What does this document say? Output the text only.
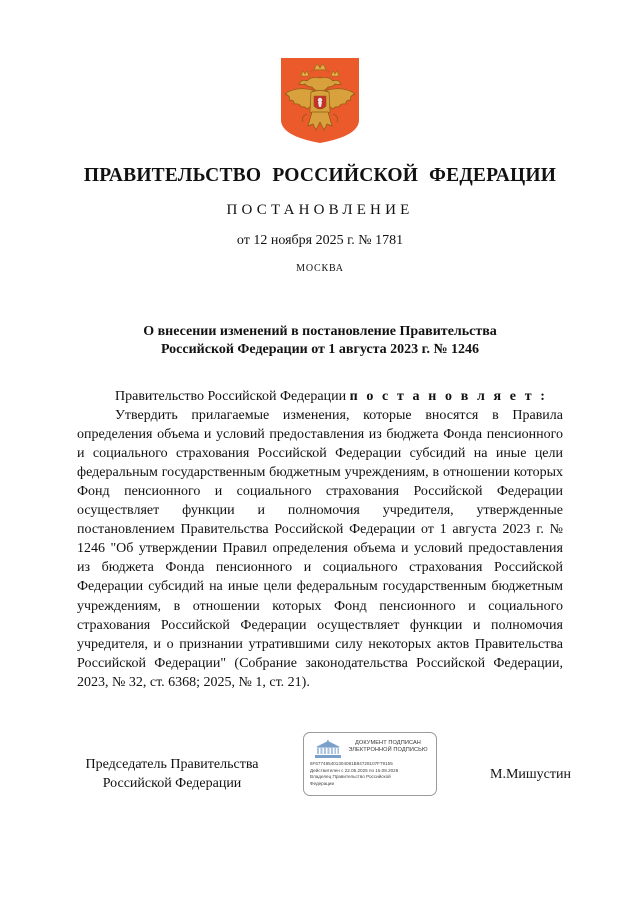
ПРАВИТЕЛЬСТВО РОССИЙСКОЙ ФЕДЕРАЦИИ
ПОСТАНОВЛЕНИЕ
от 12 ноября 2025 г. № 1781
МОСКВА
О внесении изменений в постановление Правительства
Российской Федерации от 1 августа 2023 г. № 1246
Правительство Российской Федерации п о с т а н о в л я е т :
Утвердить прилагаемые изменения, которые вносятся в Правила определения объема и условий предоставления из бюджета Фонда пенсионного и социального страхования Российской Федерации субсидий на иные цели федеральным государственным бюджетным учреждениям, в отношении которых Фонд пенсионного и социального страхования Российской Федерации осуществляет функции и полномочия учредителя, утвержденные постановлением Правительства Российской Федерации от 1 августа 2023 г. № 1246 "Об утверждении Правил определения объема и условий предоставления из бюджета Фонда пенсионного и социального страхования Российской Федерации субсидий на иные цели федеральным государственным бюджетным учреждениям, в отношении которых Фонд пенсионного и социального страхования Российской Федерации осуществляет функции и полномочия учредителя, и о признании утратившими силу некоторых актов Правительства Российской Федерации" (Собрание законодательства Российской Федерации, 2023, № 32, ст. 6368; 2025, № 1, ст. 21).
Председатель Правительства
Российской Федерации
ДОКУМЕНТ ПОДПИСАН
ЭЛЕКТРОННОЙ ПОДПИСЬЮ
6F677485401304081B84728107F79155
Действителен с 22.05.2025 по 15.08.2026
Владелец Правительство Российской
Федерации
М.Мишустин
